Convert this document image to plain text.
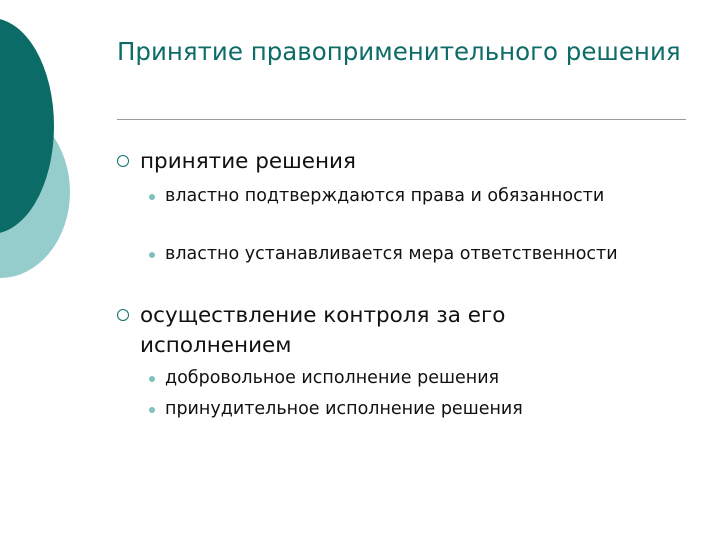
Принятие правоприменительного решения
принятие решения
властно подтверждаются права и обязанности
властно устанавливается мера ответственности
осуществление контроля за его исполнением
добровольное исполнение решения
принудительное исполнение решения
